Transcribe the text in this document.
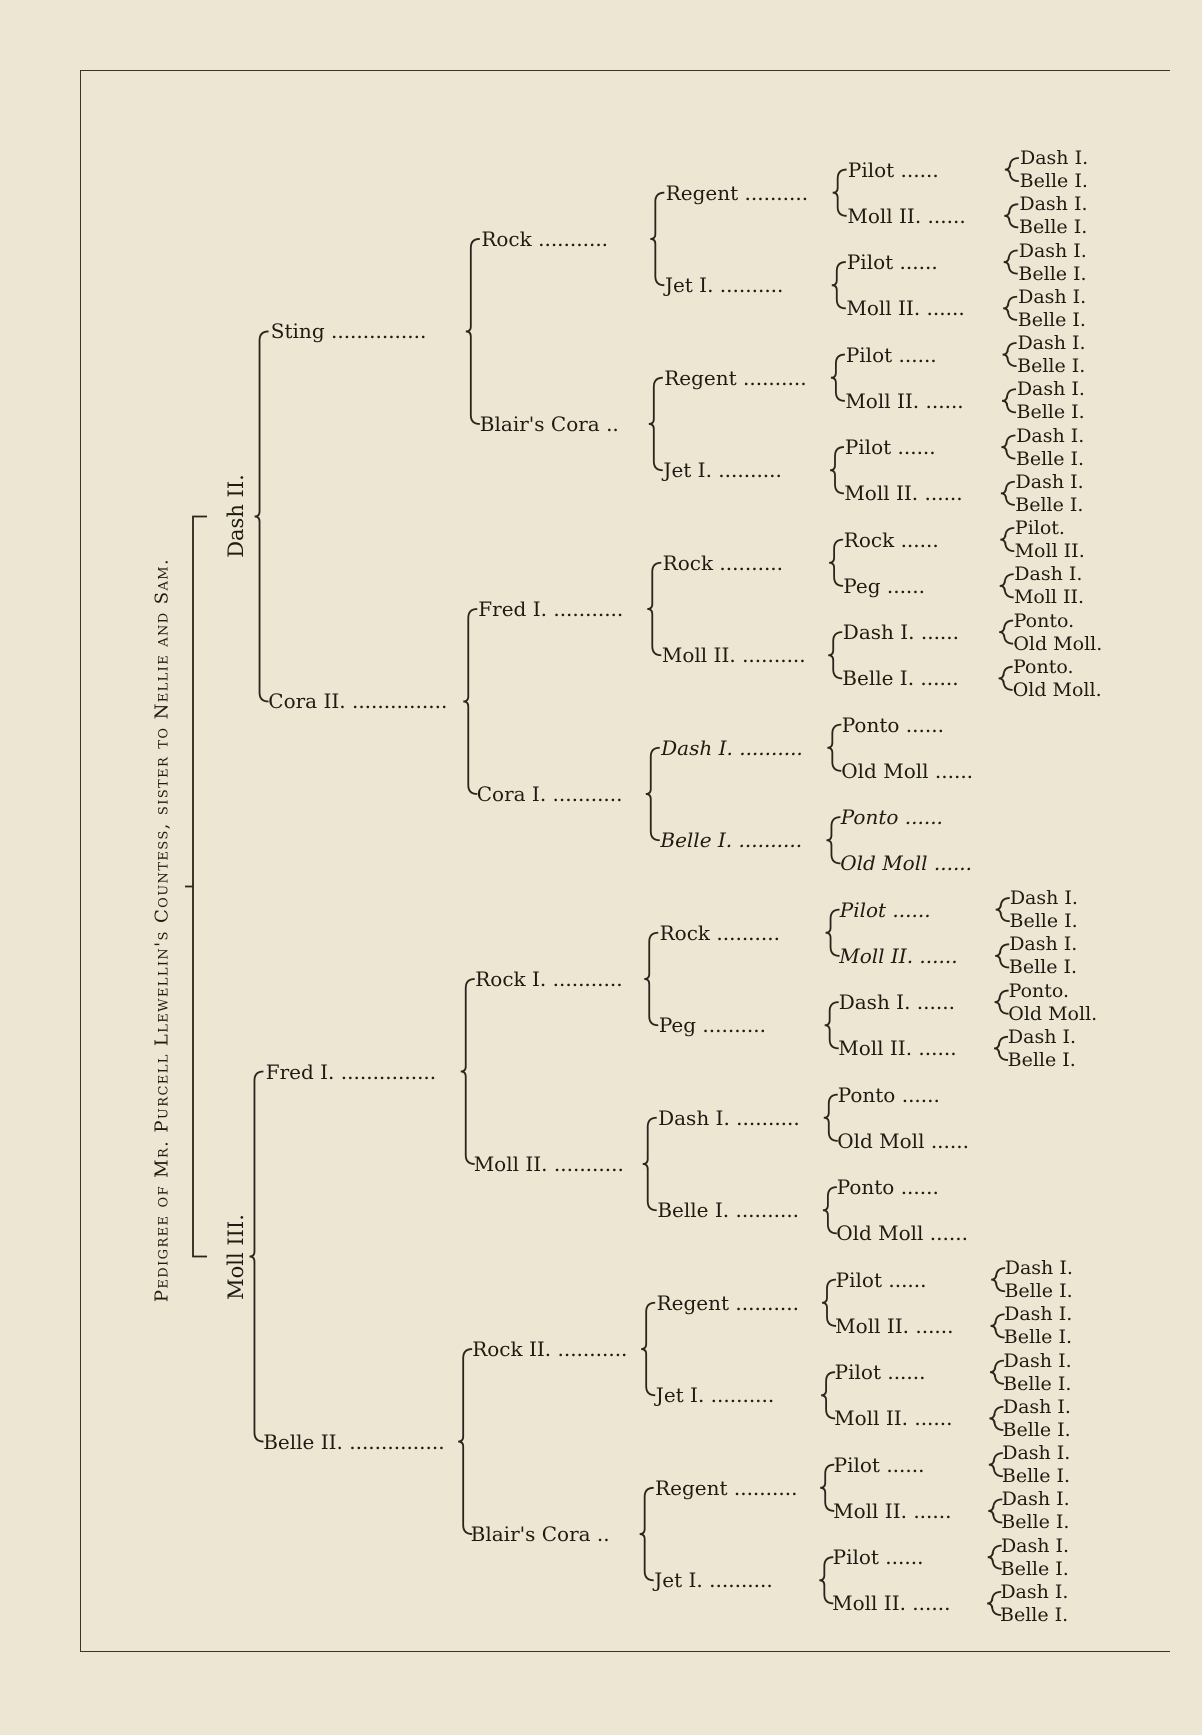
Pedigree of Mr. Purcell Llewellin's Countess, sister to Nellie and Sam.
Dash II.
Sting ...............
Rock ...........
Regent ..........
Pilot ......	Dash I.
Belle I.
Moll II. ......	Dash I.
Belle I.
Jet I. ..........
Pilot ......	Dash I.
Belle I.
Moll II. ......	Dash I.
Belle I.
Blair's Cora ..
Regent ..........
Pilot ......	Dash I.
Belle I.
Moll II. ......	Dash I.
Belle I.
Jet I. ..........
Pilot ......	Dash I.
Belle I.
Moll II. ......	Dash I.
Belle I.
Cora II. ...............
Fred I. ...........
Rock ..........
Rock ......	Pilot.
Moll II.
Peg ......	Dash I.
Moll II.
Moll II. ..........
Dash I. ......	Ponto.
Old Moll.
Belle I. ......	Ponto.
Old Moll.
Cora I. ...........
Dash I. ..........
Ponto ......
Old Moll ......
Belle I. ..........
Ponto ......
Old Moll ......
Moll III.
Fred I. ...............
Rock I. ...........
Rock ..........
Pilot ......	Dash I.
Belle I.
Moll II. ......	Dash I.
Belle I.
Peg ..........
Dash I. ......	Ponto.
Old Moll.
Moll II. ......	Dash I.
Belle I.
Moll II. ...........
Dash I. ..........
Ponto ......
Old Moll ......
Belle I. ..........
Ponto ......
Old Moll ......
Belle II. ...............
Rock II. ...........
Regent ..........
Pilot ......	Dash I.
Belle I.
Moll II. ......	Dash I.
Belle I.
Jet I. ..........
Pilot ......	Dash I.
Belle I.
Moll II. ......	Dash I.
Belle I.
Blair's Cora ..
Regent ..........
Pilot ......	Dash I.
Belle I.
Moll II. ......	Dash I.
Belle I.
Jet I. ..........
Pilot ......	Dash I.
Belle I.
Moll II. ......	Dash I.
Belle I.
